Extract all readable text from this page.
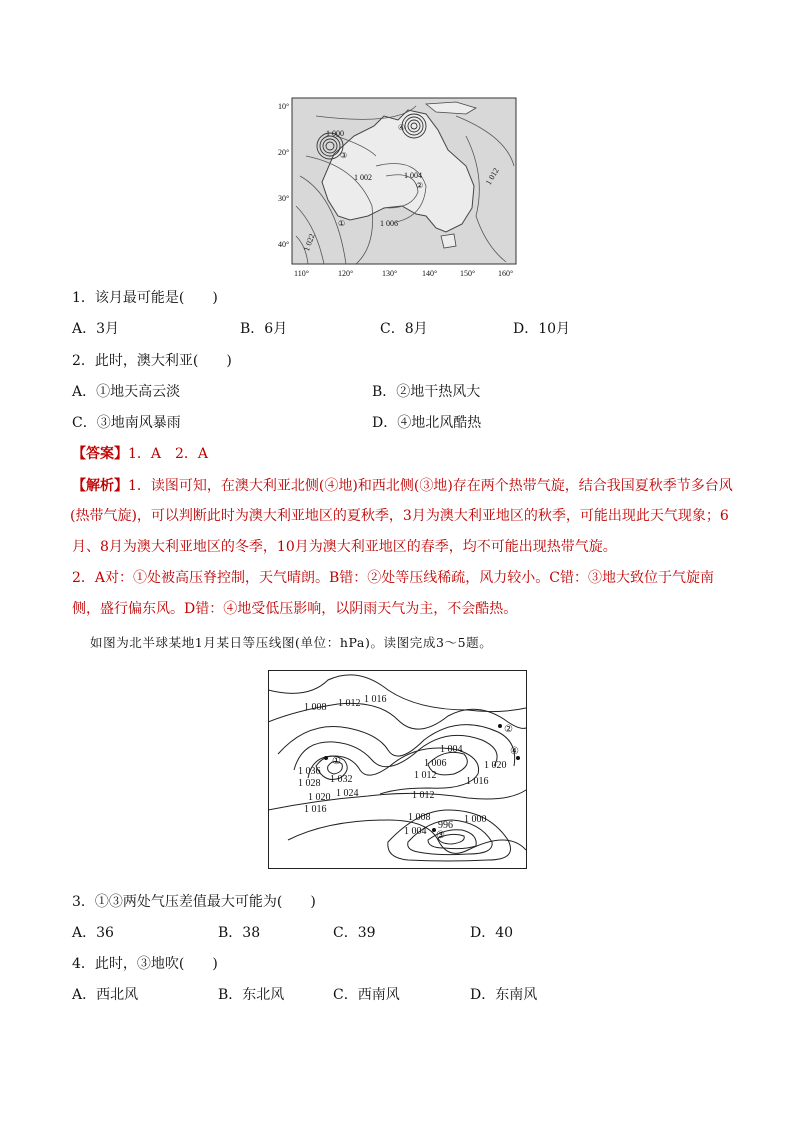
10°
20°
30°
40°
110°	120°	130°	140°	150°	160°
1 000
1 002	1 004
1 006
1 012
1 022
①
②
③
④
1．该月最可能是(　　)
A．3月	B．6月	C．8月	D．10月
2．此时，澳大利亚(　　)
A．①地天高云淡	B．②地干热风大
C．③地南风暴雨	D．④地北风酷热
【答案】1．A　2．A
【解析】1．读图可知，在澳大利亚北侧(④地)和西北侧(③地)存在两个热带气旋，结合我国夏秋季节多台风
(热带气旋)，可以判断此时为澳大利亚地区的夏秋季，3月为澳大利亚地区的秋季，可能出现此天气现象；6
月、8月为澳大利亚地区的冬季，10月为澳大利亚地区的春季，均不可能出现热带气旋。
2．A对：①处被高压脊控制，天气晴朗。B错：②处等压线稀疏，风力较小。C错：③地大致位于气旋南
侧，盛行偏东风。D错：④地受低压影响，以阴雨天气为主，不会酷热。
如图为北半球某地1月某日等压线图(单位：hPa)。读图完成3～5题。
1 008 1 012 1 016
1 036
1 032
1 028
1 024
1 020
1 016
1 004
1 006
1 012
1 016
1 020
1 012
1 008
996
1 000
1 004
①
②
③
④
3．①③两处气压差值最大可能为(　　)
A．36	B．38	C．39	D．40
4．此时，③地吹(　　)
A．西北风	B．东北风	C．西南风	D．东南风
